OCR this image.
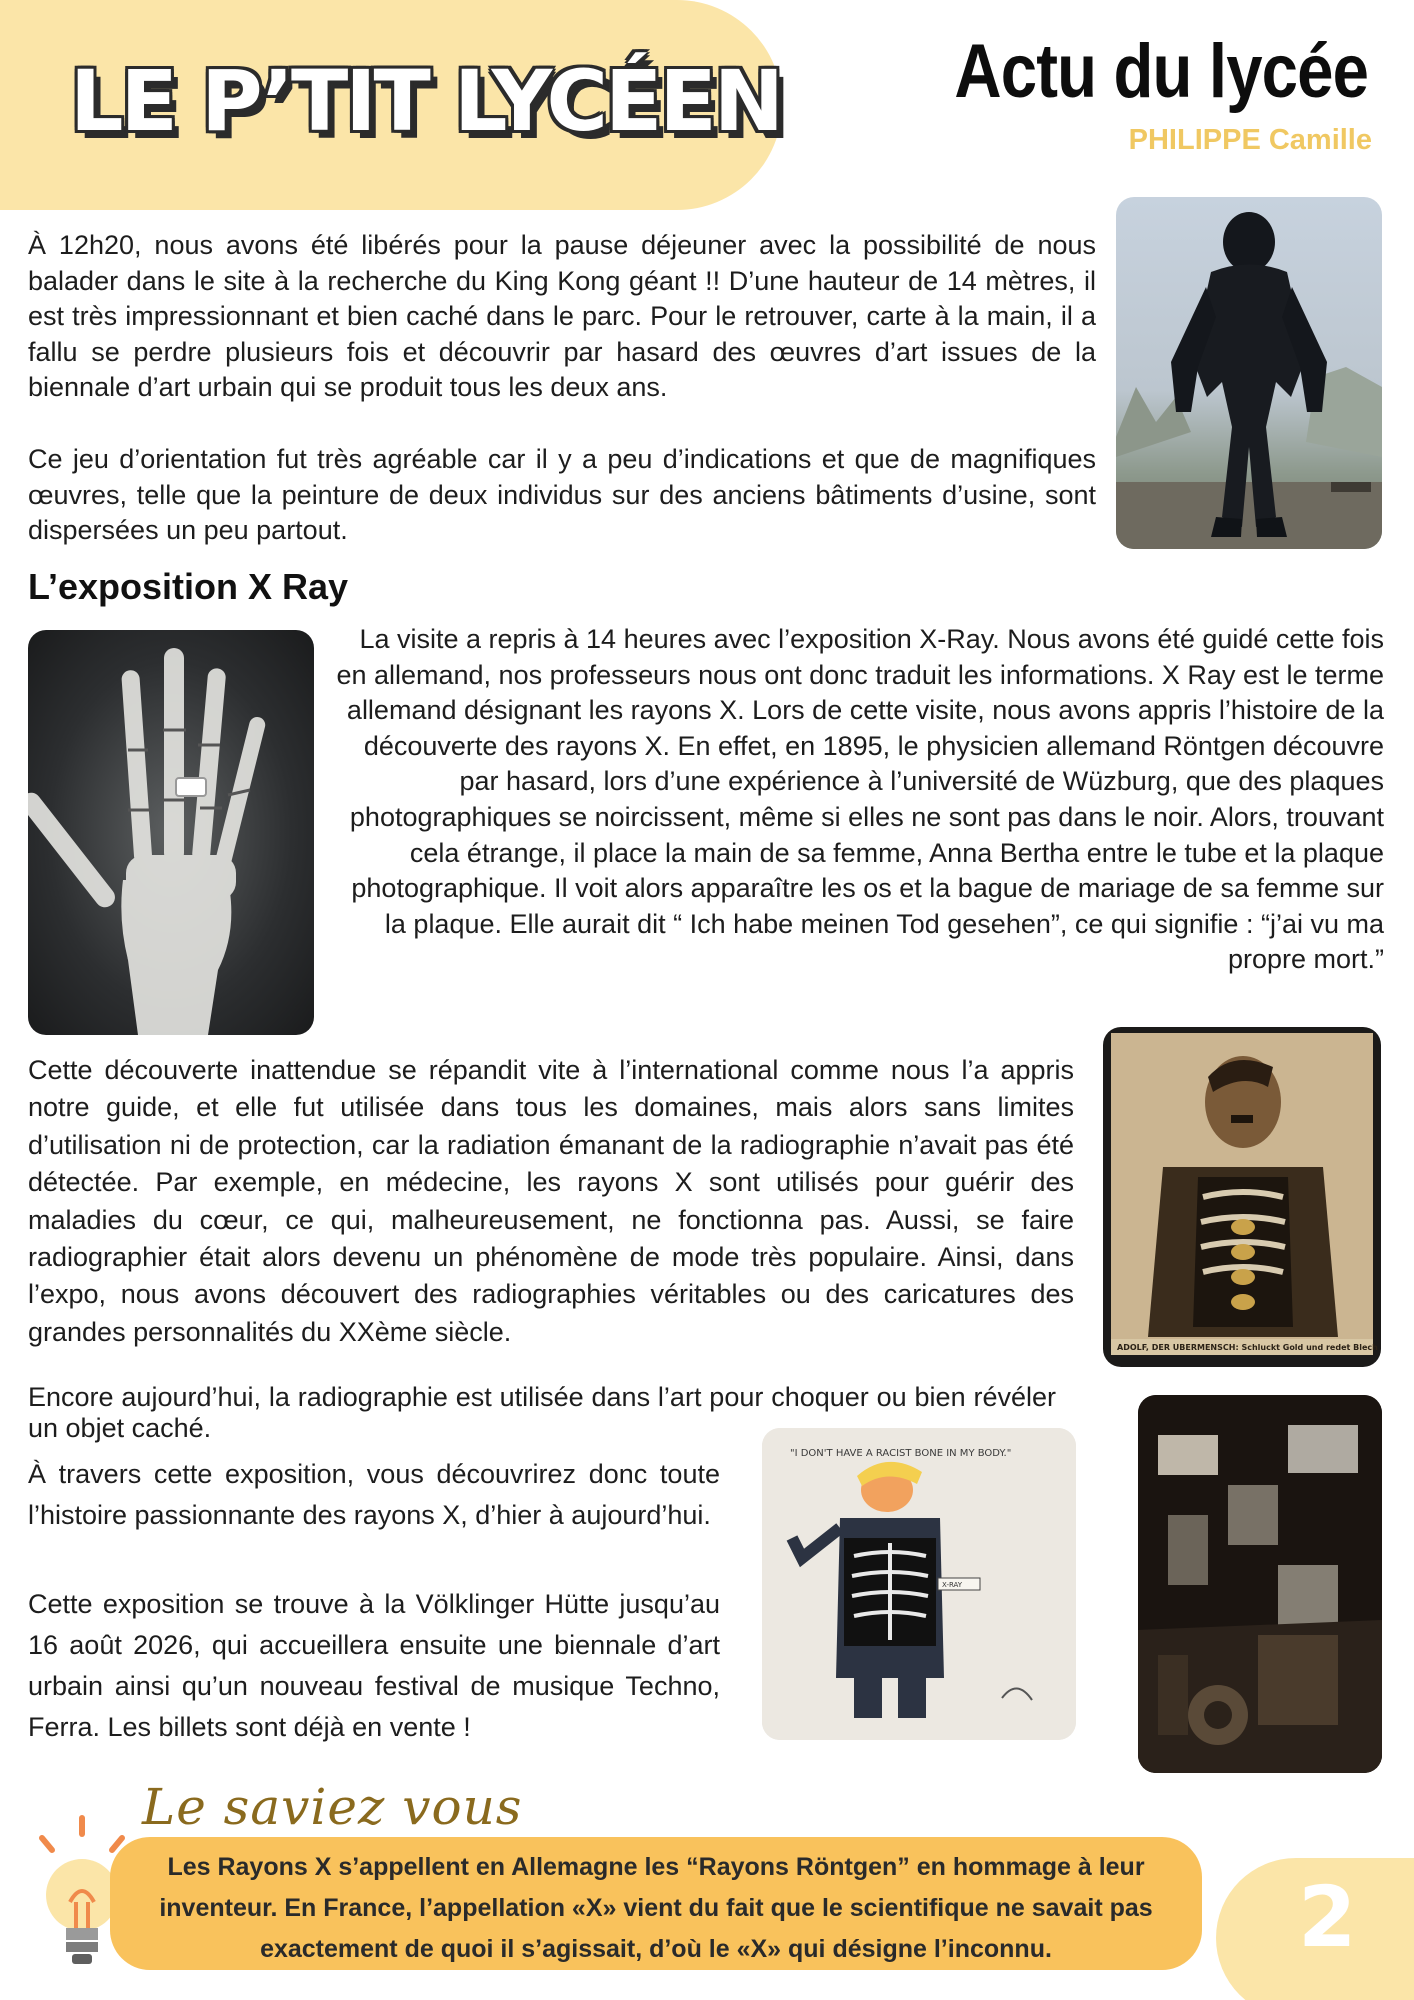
LE P’TIT LYCÉEN Actu du lycée
PHILIPPE Camille

À 12h20, nous avons été libérés pour la pause déjeuner avec la possibilité de nous balader dans le site à la recherche du King Kong géant !! D’une hauteur de 14 mètres, il est très impressionnant et bien caché dans le parc. Pour le retrouver, carte à la main, il a fallu se perdre plusieurs fois et découvrir par hasard des œuvres d’art issues de la biennale d’art urbain qui se produit tous les deux ans.

Ce jeu d’orientation fut très agréable car il y a peu d’indications et que de magnifiques œuvres, telle que la peinture de deux individus sur des anciens bâtiments d’usine, sont dispersées un peu partout.

L’exposition X Ray

La visite a repris à 14 heures avec l’exposition X-Ray. Nous avons été guidé cette fois en allemand, nos professeurs nous ont donc traduit les informations. X Ray est le terme allemand désignant les rayons X. Lors de cette visite, nous avons appris l’histoire de la découverte des rayons X. En effet, en 1895, le physicien allemand Röntgen découvre par hasard, lors d’une expérience à l’université de Wüzburg, que des plaques photographiques se noircissent, même si elles ne sont pas dans le noir. Alors, trouvant cela étrange, il place la main de sa femme, Anna Bertha entre le tube et la plaque photographique. Il voit alors apparaître les os et la bague de mariage de sa femme sur la plaque. Elle aurait dit “ Ich habe meinen Tod gesehen”, ce qui signifie : “j’ai vu ma propre mort.”

ADOLF, DER UBERMENSCH: Schluckt Gold und redet Blech

Cette découverte inattendue se répandit vite à l’international comme nous l’a appris notre guide, et elle fut utilisée dans tous les domaines, mais alors sans limites d’utilisation ni de protection, car la radiation émanant de la radiographie n’avait pas été détectée. Par exemple, en médecine, les rayons X sont utilisés pour guérir des maladies du cœur, ce qui, malheureusement, ne fonctionna pas. Aussi, se faire radiographier était alors devenu un phénomène de mode très populaire. Ainsi, dans l’expo, nous avons découvert des radiographies véritables ou des caricatures des grandes personnalités du XXème siècle.

Encore aujourd’hui, la radiographie est utilisée dans l’art pour choquer ou bien révéler un objet caché.

À travers cette exposition, vous découvrirez donc toute l’histoire passionnante des rayons X, d’hier à aujourd’hui.

Cette exposition se trouve à la Völklinger Hütte jusqu’au 16 août 2026, qui accueillera ensuite une biennale d’art urbain ainsi qu’un nouveau festival de musique Techno, Ferra. Les billets sont déjà en vente !

"I DON'T HAVE A RACIST BONE IN MY BODY."
X-RAY
Le saviez vous

Les Rayons X s’appellent en Allemagne les “Rayons Röntgen” en hommage à leur inventeur. En France, l’appellation «X» vient du fait que le scientifique ne savait pas exactement de quoi il s’agissait, d’où le «X» qui désigne l’inconnu.	2
